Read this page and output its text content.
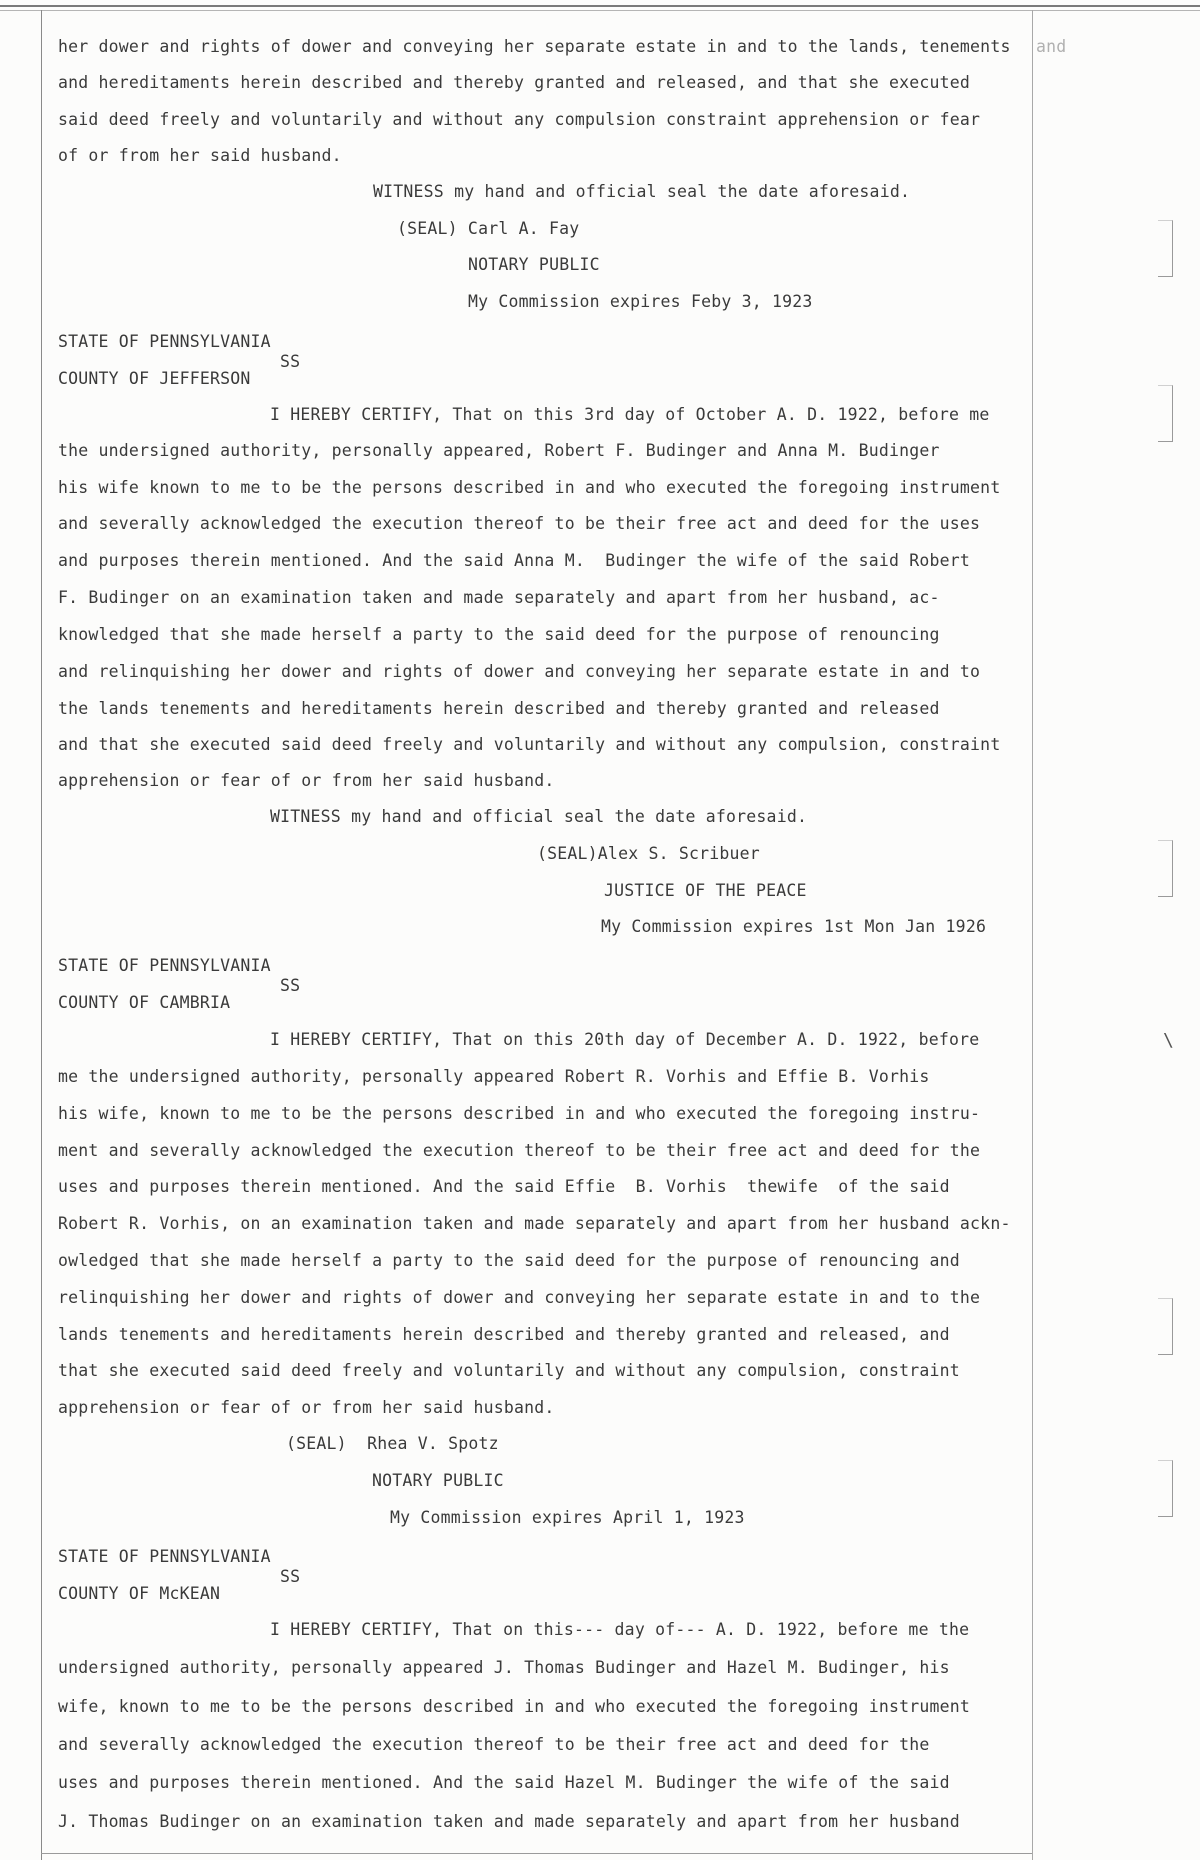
her dower and rights of dower and conveying her separate estate in and to the lands, tenements and
and hereditaments herein described and thereby granted and released, and that she executed
said deed freely and voluntarily and without any compulsion constraint apprehension or fear
of or from her said husband.
WITNESS my hand and official seal the date aforesaid.
(SEAL) Carl A. Fay
NOTARY PUBLIC
My Commission expires Feby 3, 1923
STATE OF PENNSYLVANIA
SS
COUNTY OF JEFFERSON
I HEREBY CERTIFY, That on this 3rd day of October A. D. 1922, before me
the undersigned authority, personally appeared, Robert F. Budinger and Anna M. Budinger
his wife known to me to be the persons described in and who executed the foregoing instrument
and severally acknowledged the execution thereof to be their free act and deed for the uses
and purposes therein mentioned. And the said Anna M.  Budinger the wife of the said Robert
F. Budinger on an examination taken and made separately and apart from her husband, ac-
knowledged that she made herself a party to the said deed for the purpose of renouncing
and relinquishing her dower and rights of dower and conveying her separate estate in and to
the lands tenements and hereditaments herein described and thereby granted and released
and that she executed said deed freely and voluntarily and without any compulsion, constraint
apprehension or fear of or from her said husband.
WITNESS my hand and official seal the date aforesaid.
(SEAL)Alex S. Scribuer
JUSTICE OF THE PEACE
My Commission expires 1st Mon Jan 1926
STATE OF PENNSYLVANIA
SS
COUNTY OF CAMBRIA
I HEREBY CERTIFY, That on this 20th day of December A. D. 1922, before
me the undersigned authority, personally appeared Robert R. Vorhis and Effie B. Vorhis
his wife, known to me to be the persons described in and who executed the foregoing instru-
ment and severally acknowledged the execution thereof to be their free act and deed for the
uses and purposes therein mentioned. And the said Effie  B. Vorhis  thewife  of the said
Robert R. Vorhis, on an examination taken and made separately and apart from her husband ackn-
owledged that she made herself a party to the said deed for the purpose of renouncing and
relinquishing her dower and rights of dower and conveying her separate estate in and to the
lands tenements and hereditaments herein described and thereby granted and released, and
that she executed said deed freely and voluntarily and without any compulsion, constraint
apprehension or fear of or from her said husband.
(SEAL)  Rhea V. Spotz
NOTARY PUBLIC
My Commission expires April 1, 1923
STATE OF PENNSYLVANIA
SS
COUNTY OF McKEAN
I HEREBY CERTIFY, That on this--- day of--- A. D. 1922, before me the
undersigned authority, personally appeared J. Thomas Budinger and Hazel M. Budinger, his
wife, known to me to be the persons described in and who executed the foregoing instrument
and severally acknowledged the execution thereof to be their free act and deed for the
uses and purposes therein mentioned. And the said Hazel M. Budinger the wife of the said
J. Thomas Budinger on an examination taken and made separately and apart from her husband
\
